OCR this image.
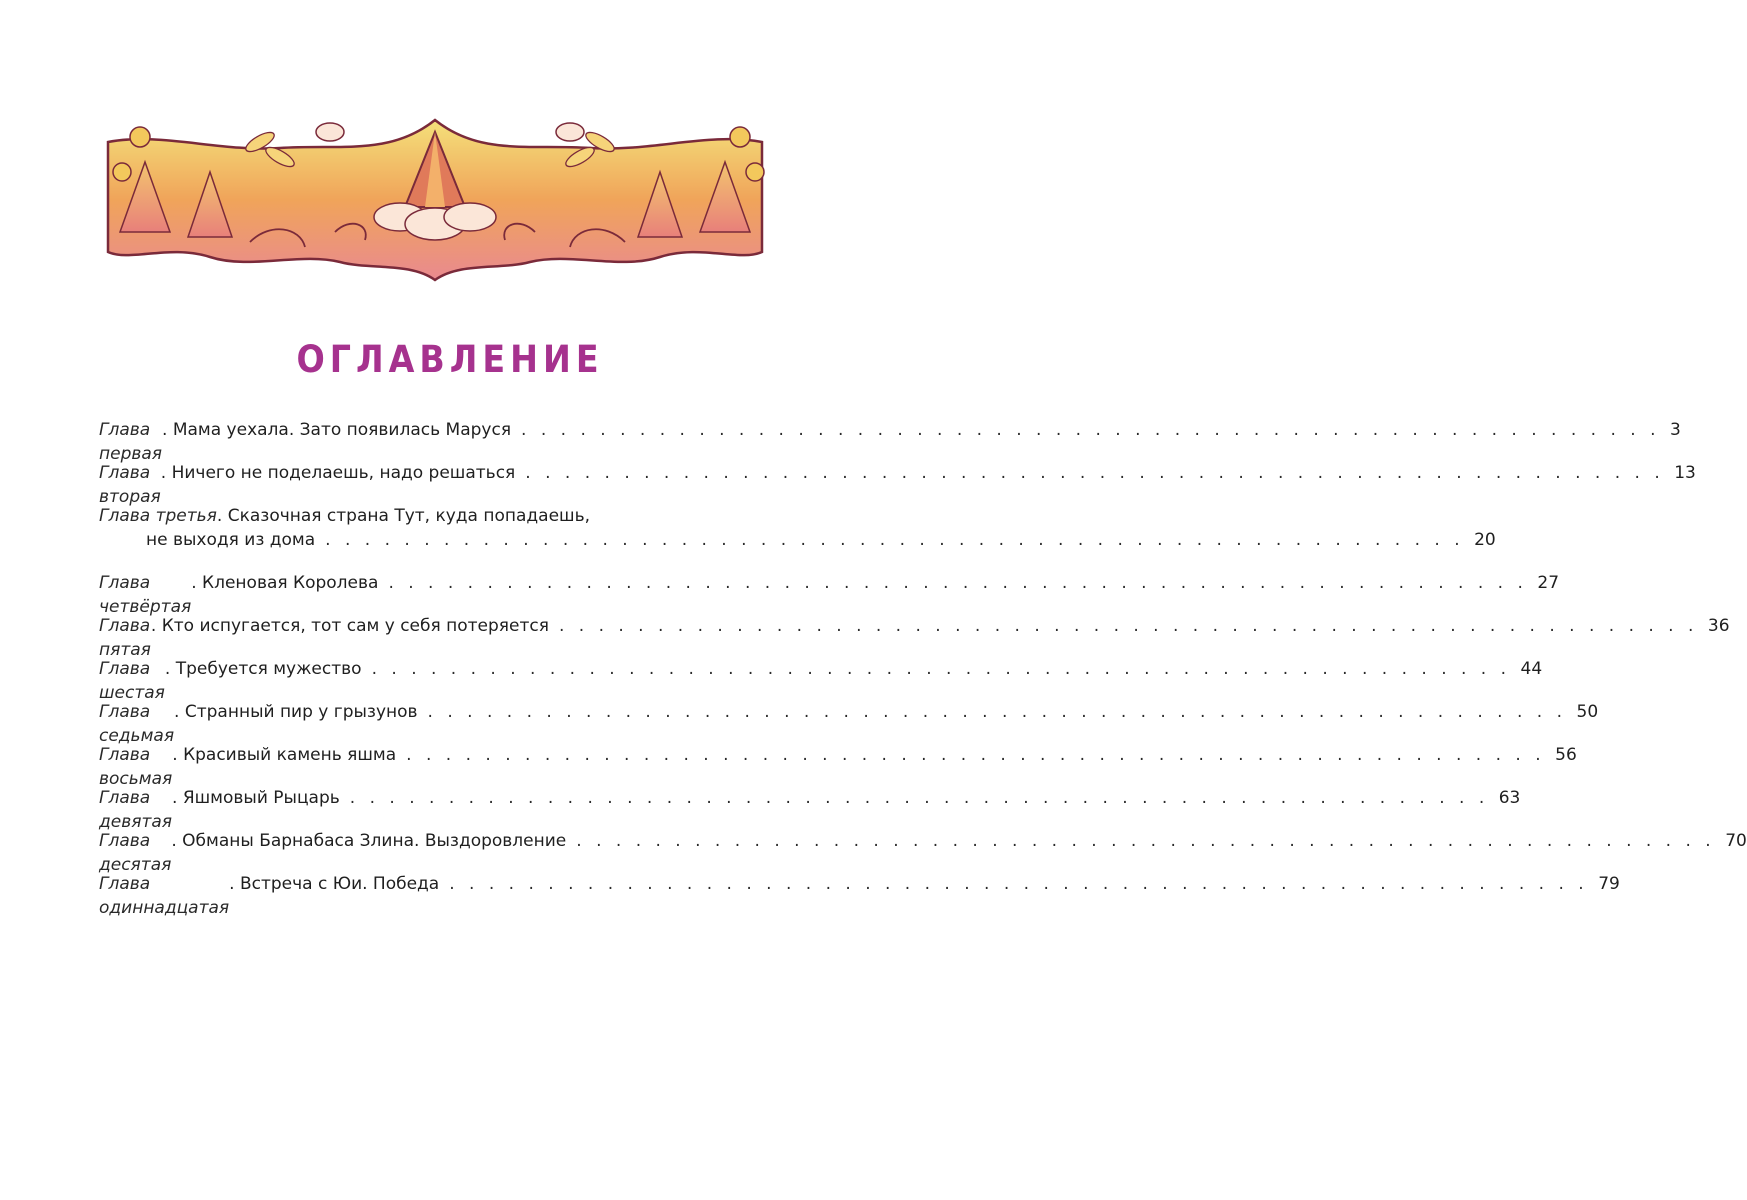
ОГЛАВЛЕНИЕ
Глава первая
. Мама уехала. Зато появилась Маруся . . . . . . . . . . . . . . . . . . . . . . . . . . . . . . . . . . . . . . . . . . . . . . . . . . . . . . . . . . 3
Глава вторая
. Ничего не поделаешь, надо решаться . . . . . . . . . . . . . . . . . . . . . . . . . . . . . . . . . . . . . . . . . . . . . . . . . . . . . . . . . . 13
Глава третья . Сказочная страна Тут, куда попадаешь,
не выходя из дома . . . . . . . . . . . . . . . . . . . . . . . . . . . . . . . . . . . . . . . . . . . . . . . . . . . . . . . . . . 20
Глава четвёртая
. Кленовая Королева . . . . . . . . . . . . . . . . . . . . . . . . . . . . . . . . . . . . . . . . . . . . . . . . . . . . . . . . . . 27
Глава пятая
. Кто испугается, тот сам у себя потеряется . . . . . . . . . . . . . . . . . . . . . . . . . . . . . . . . . . . . . . . . . . . . . . . . . . . . . . . . . . 36
Глава шестая
. Требуется мужество . . . . . . . . . . . . . . . . . . . . . . . . . . . . . . . . . . . . . . . . . . . . . . . . . . . . . . . . . . 44
Глава седьмая
. Странный пир у грызунов . . . . . . . . . . . . . . . . . . . . . . . . . . . . . . . . . . . . . . . . . . . . . . . . . . . . . . . . . . 50
Глава восьмая
. Красивый камень яшма . . . . . . . . . . . . . . . . . . . . . . . . . . . . . . . . . . . . . . . . . . . . . . . . . . . . . . . . . . 56
Глава девятая
. Яшмовый Рыцарь . . . . . . . . . . . . . . . . . . . . . . . . . . . . . . . . . . . . . . . . . . . . . . . . . . . . . . . . . . 63
Глава десятая
. Обманы Барнабаса Злина. Выздоровление . . . . . . . . . . . . . . . . . . . . . . . . . . . . . . . . . . . . . . . . . . . . . . . . . . . . . . . . . . 70
Глава одиннадцатая
. Встреча с Юи. Победа . . . . . . . . . . . . . . . . . . . . . . . . . . . . . . . . . . . . . . . . . . . . . . . . . . . . . . . . . . 79
